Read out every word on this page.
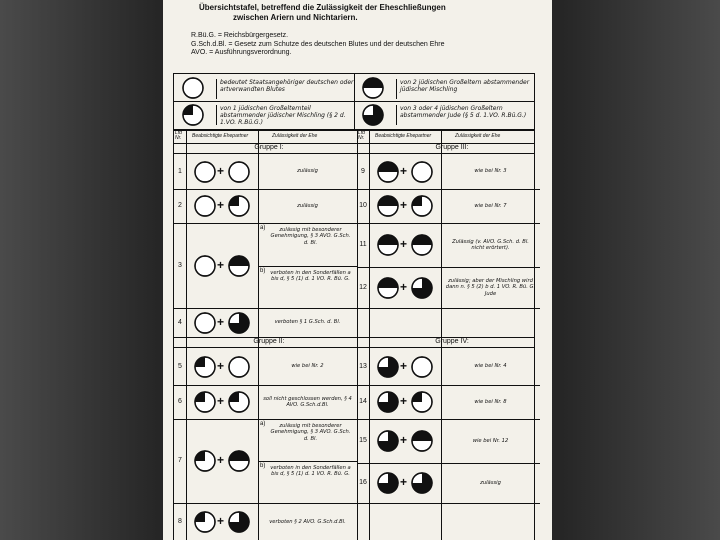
Übersichtstafel, betreffend die Zulässigkeit der Eheschließungen
zwischen Ariern und Nichtariern.
R.Bü.G. = Reichsbürgergesetz.
G.Sch.d.Bl. = Gesetz zum Schutze des deutschen Blutes und der deutschen Ehre
AVO. = Ausführungsverordnung.
bedeutet Staatsangehöriger deutschen oder artverwandten Blutes
von 2 jüdischen Großeltern abstammender jüdischer Mischling
von 1 jüdischen Großelternteil abstammender jüdischer Mischling (§ 2 d. 1.VO. R.Bü.G.)
von 3 oder 4 jüdischen Großeltern abstammender Jude (§ 5 d. 1.VO. R.Bü.G.)
Lfd Nr.	Beabsichtigte Ehepartner	Zulässigkeit der Ehe	Lfd Nr.	Beabsichtigte Ehepartner	Zulässigkeit der Ehe
Gruppe I:	Gruppe III:
Gruppe II:	Gruppe IV:
1	+	zulässig
2	+	zulässig
3	+
a)	zulässig mit besonderer Genehmigung, § 3 AVO. G.Sch. d. Bl.
b) verboten in den Sonderfällen a bis d, § 5 (1) d. 1 VO. R. Bü. G.
4	+	verboten § 1 G.Sch. d. Bl.
5	+	wie bei Nr. 2
6	+	soll nicht geschlossen werden, § 4 AVO. G.Sch.d.Bl.
7	+
a)	zulässig mit besonderer Genehmigung, § 3 AVO. G.Sch. d. Bl.
b) verboten in den Sonderfällen a bis d, § 5 (1) d. 1 VO. R. Bü. G.
8	+	verboten § 2 AVO. G.Sch.d.Bl.
9	+	wie bei Nr. 3
10	+	wie bei Nr. 7
11	+	Zulässig (v. AVO. G.Sch. d. Bl. nicht erörtert).
12	+	zulässig; aber der Mischling wird dann n. § 5 (2) b d. 1 VO. R. Bü. G. Jude
13	+	wie bei Nr. 4
14	+	wie bei Nr. 8
15	+	wie bei Nr. 12
16	+	zulässig
